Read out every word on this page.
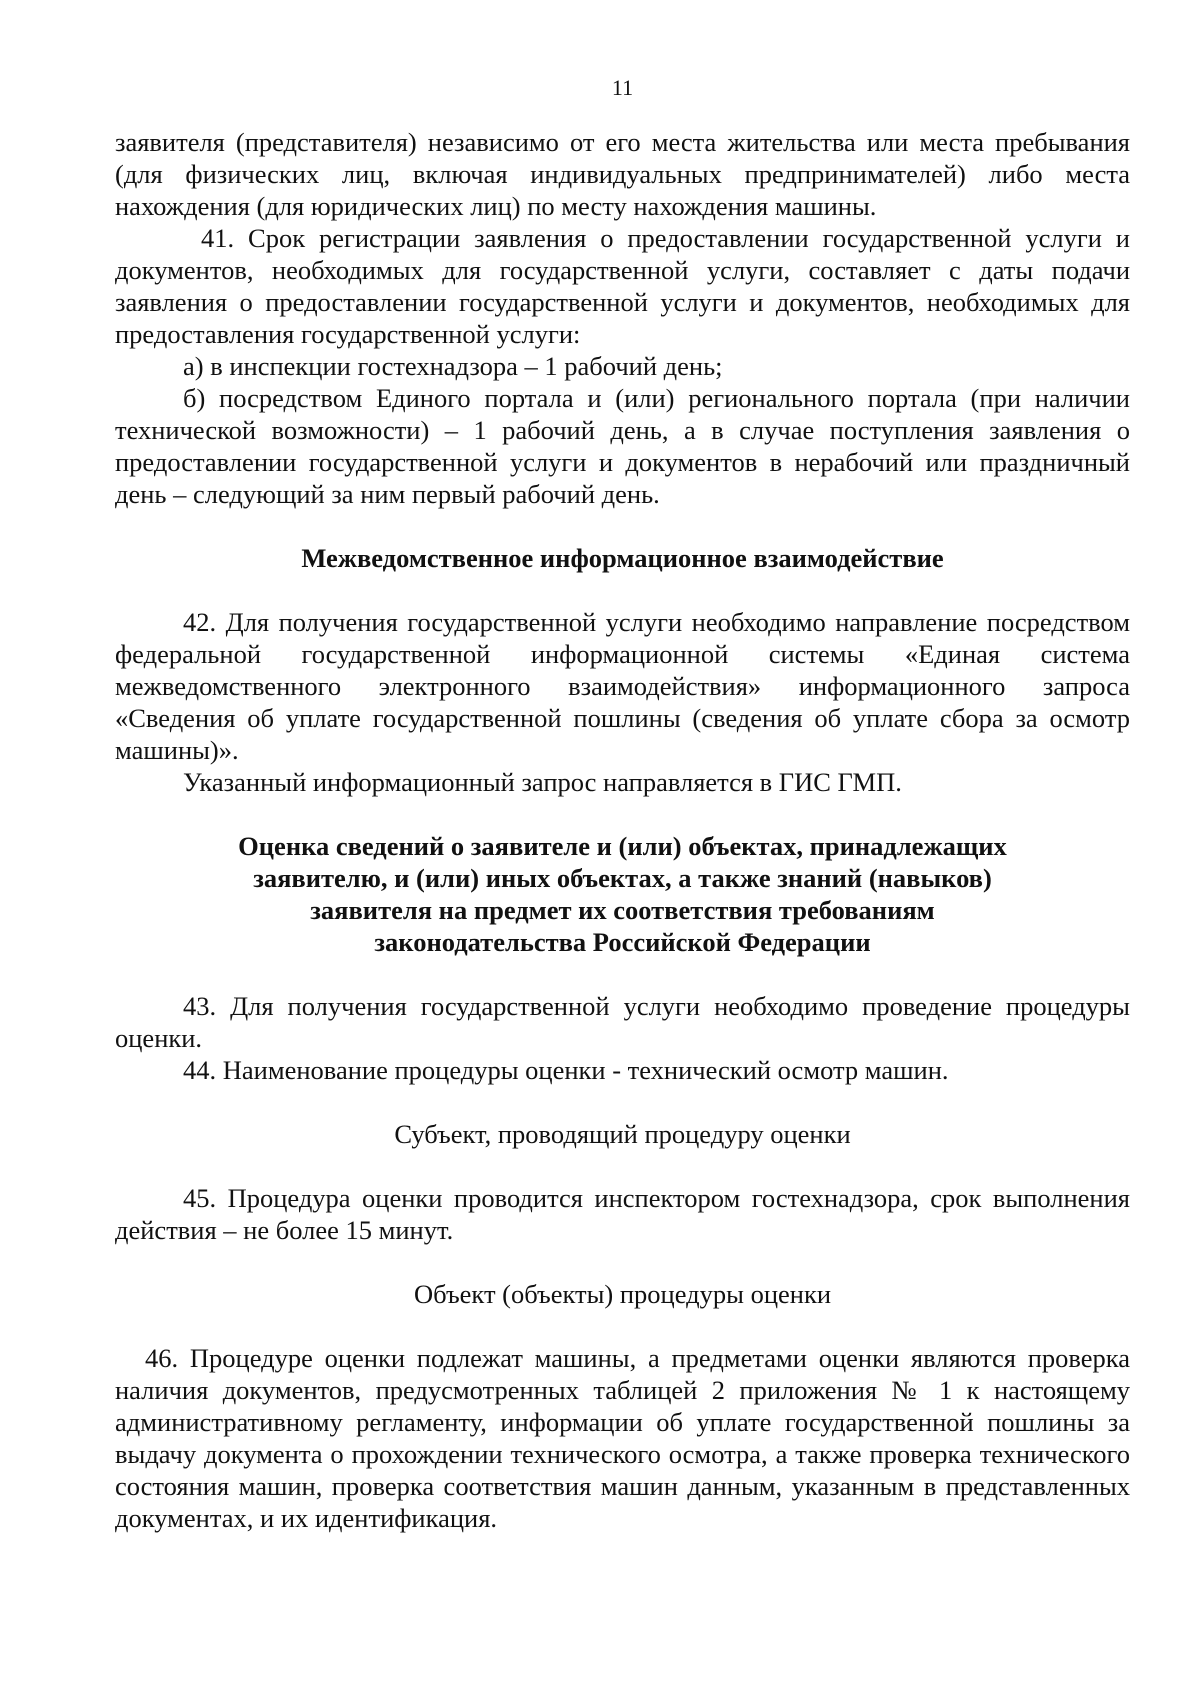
11

заявителя (представителя) независимо от его места жительства или места пребывания (для физических лиц, включая индивидуальных предпринимателей) либо места нахождения (для юридических лиц) по месту нахождения машины.

41. Срок регистрации заявления о предоставлении государственной услуги и документов, необходимых для государственной услуги, составляет с даты подачи заявления о предоставлении государственной услуги и документов, необходимых для предоставления государственной услуги:

а) в инспекции гостехнадзора – 1 рабочий день;

б) посредством Единого портала и (или) регионального портала (при наличии технической возможности) – 1 рабочий день, а в случае поступления заявления о предоставлении государственной услуги и документов в нерабочий или праздничный день – следующий за ним первый рабочий день.

Межведомственное информационное взаимодействие

42. Для получения государственной услуги необходимо направление посредством федеральной государственной информационной системы «Единая система межведомственного электронного взаимодействия» информационного запроса «Сведения об уплате государственной пошлины (сведения об уплате сбора за осмотр машины)».

Указанный информационный запрос направляется в ГИС ГМП.

Оценка сведений о заявителе и (или) объектах, принадлежащих

заявителю, и (или) иных объектах, а также знаний (навыков)

заявителя на предмет их соответствия требованиям

законодательства Российской Федерации

43. Для получения государственной услуги необходимо проведение процедуры оценки.

44. Наименование процедуры оценки - технический осмотр машин.

Субъект, проводящий процедуру оценки

45. Процедура оценки проводится инспектором гостехнадзора, срок выполнения действия – не более 15 минут.

Объект (объекты) процедуры оценки

46. Процедуре оценки подлежат машины, а предметами оценки являются проверка наличия документов, предусмотренных таблицей 2 приложения № 1 к настоящему административному регламенту, информации об уплате государственной пошлины за выдачу документа о прохождении технического осмотра, а также проверка технического состояния машин, проверка соответствия машин данным, указанным в представленных документах, и их идентификация.
